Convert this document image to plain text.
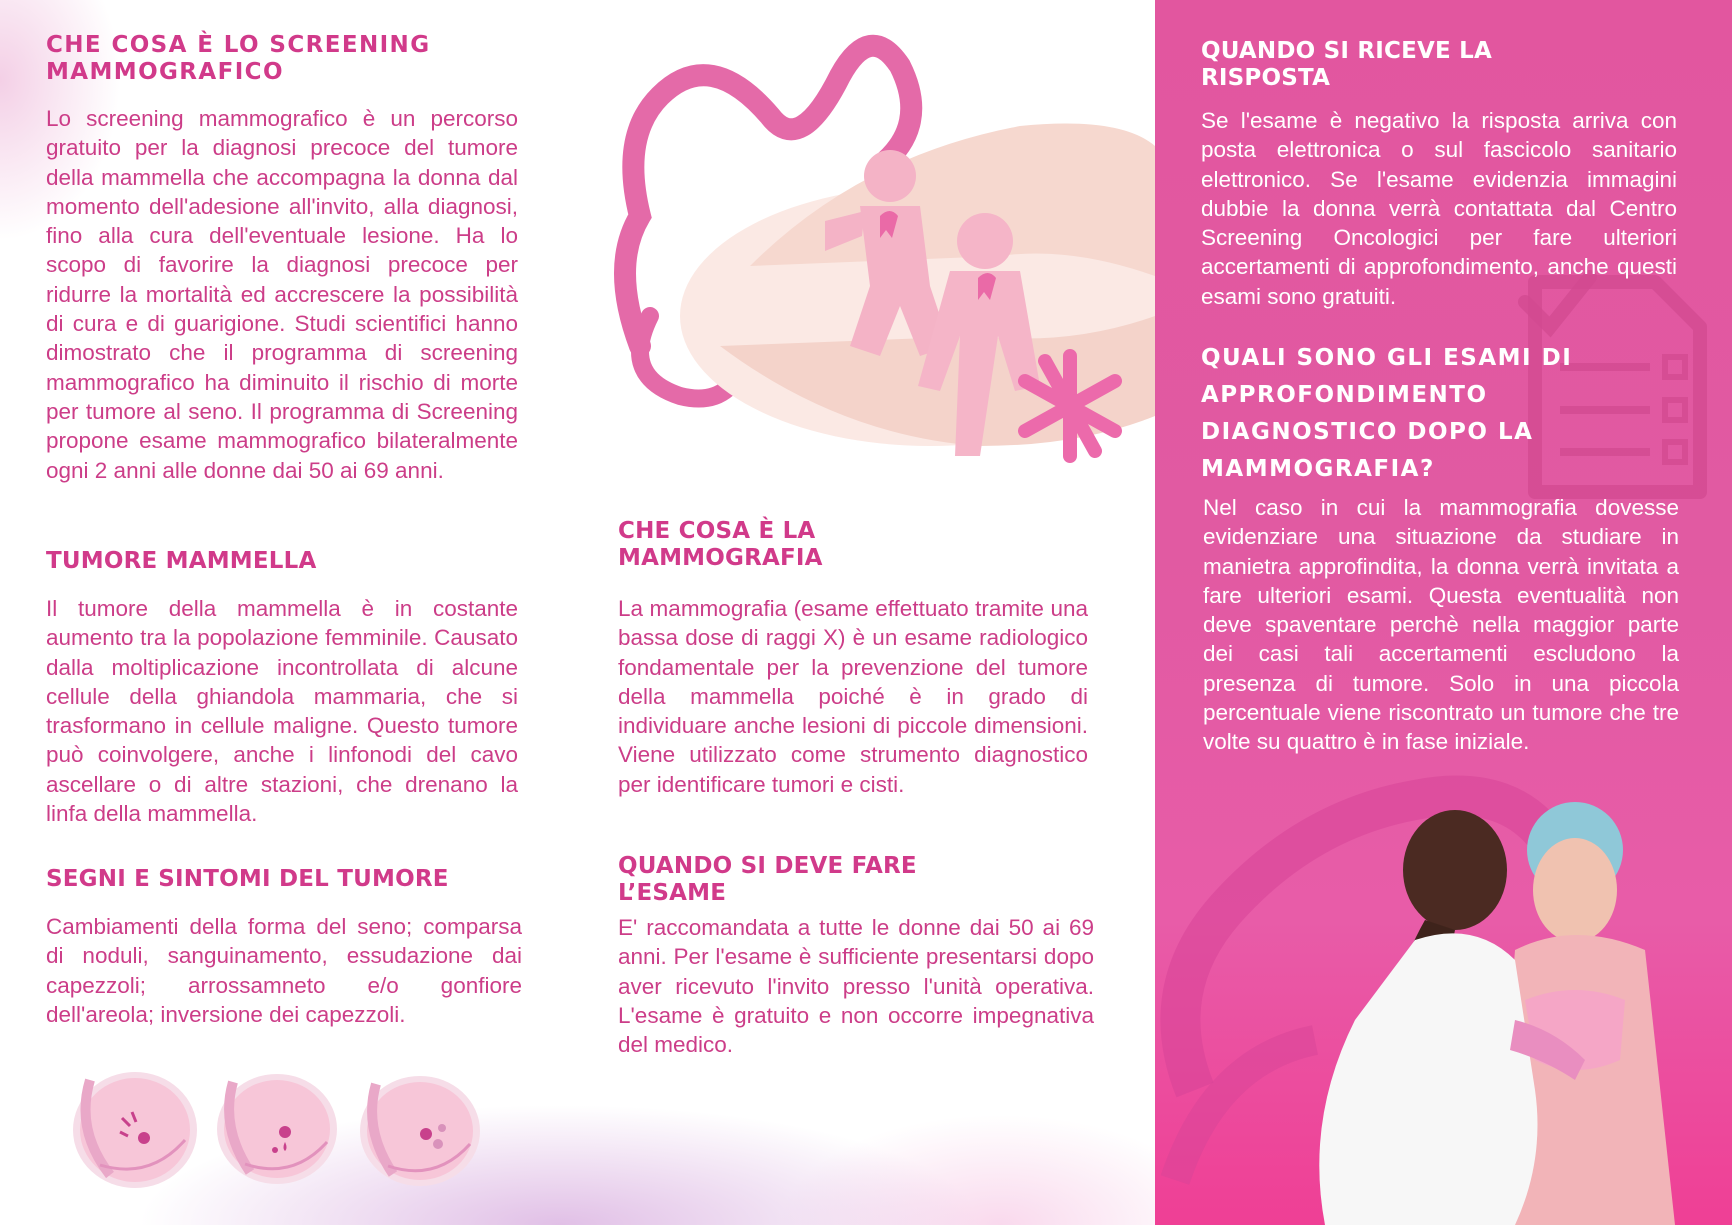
CHE COSA È LO SCREENING MAMMOGRAFICO

Lo screening mammografico è un percorso gratuito per la diagnosi precoce del tumore della mammella che accompagna la donna dal momento dell'adesione all'invito, alla diagnosi, fino alla cura dell'eventuale lesione. Ha lo scopo di favorire la diagnosi precoce per ridurre la mortalità ed accrescere la possibilità di cura e di guarigione. Studi scientifici hanno dimostrato che il programma di screening mammografico ha diminuito il rischio di morte per tumore al seno. Il programma di Screening propone esame mammografico bilateralmente ogni 2 anni alle donne dai 50 ai 69 anni.

TUMORE MAMMELLA

Il tumore della mammella è in costante aumento tra la popolazione femminile. Causato dalla moltiplicazione incontrollata di alcune cellule della ghiandola mammaria, che si trasformano in cellule maligne. Questo tumore può coinvolgere, anche i linfonodi del cavo ascellare o di altre stazioni, che drenano la linfa della mammella.

SEGNI E SINTOMI DEL TUMORE

Cambiamenti della forma del seno; comparsa di noduli, sanguinamento, essudazione dai capezzoli; arrossamneto e/o gonfiore dell'areola; inversione dei capezzoli.

CHE COSA È LA MAMMOGRAFIA

La mammografia (esame effettuato tramite una bassa dose di raggi X) è un esame radiologico fondamentale per la prevenzione del tumore della mammella poiché è in grado di individuare anche lesioni di piccole dimensioni. Viene utilizzato come strumento diagnostico per identificare tumori e cisti.

QUANDO SI DEVE FARE L’ESAME

E' raccomandata a tutte le donne dai 50 ai 69 anni. Per l'esame è sufficiente presentarsi dopo aver ricevuto l'invito presso l'unità operativa. L'esame è gratuito e non occorre impegnativa del medico.

QUANDO SI RICEVE LA RISPOSTA

Se l'esame è negativo la risposta arriva con posta elettronica o sul fascicolo sanitario elettronico. Se l'esame evidenzia immagini dubbie la donna verrà contattata dal Centro Screening Oncologici per fare ulteriori accertamenti di approfondimento, anche questi esami sono gratuiti.

QUALI SONO GLI ESAMI DI APPROFONDIMENTO DIAGNOSTICO DOPO LA MAMMOGRAFIA?

Nel caso in cui la mammografia dovesse evidenziare una situazione da studiare in manietra approfindita, la donna verrà invitata a fare ulteriori esami. Questa eventualità non deve spaventare perchè nella maggior parte dei casi tali accertamenti escludono la presenza di tumore. Solo in una piccola percentuale viene riscontrato un tumore che tre volte su quattro è in fase iniziale.
